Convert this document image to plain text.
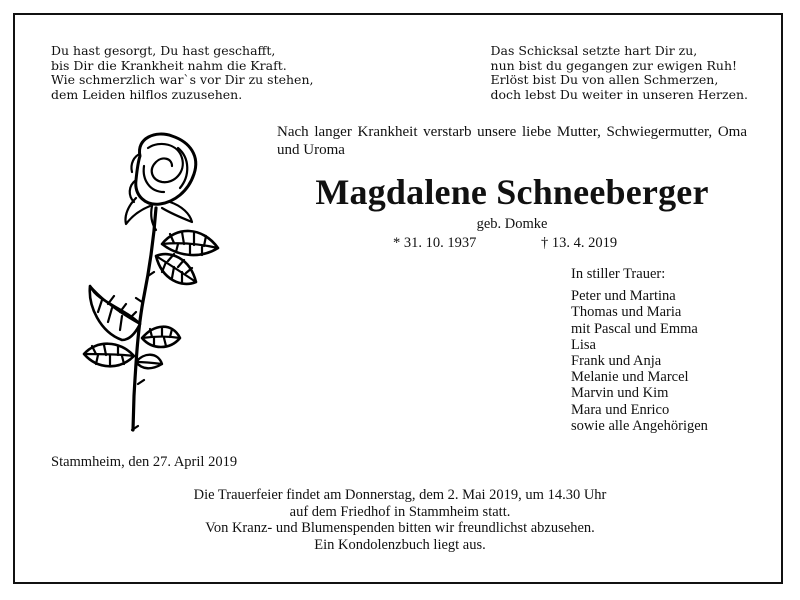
Du hast gesorgt, Du hast geschafft,
bis Dir die Krankheit nahm die Kraft.
Wie schmerzlich war`s vor Dir zu stehen,
dem Leiden hilflos zuzusehen.
Das Schicksal setzte hart Dir zu,
nun bist du gegangen zur ewigen Ruh!
Erlöst bist Du von allen Schmerzen,
doch lebst Du weiter in unseren Herzen.
Nach langer Krankheit verstarb unsere liebe Mutter, Schwiegermutter, Oma und Uroma
Magdalene Schneeberger
geb. Domke
* 31. 10. 1937	† 13. 4. 2019
In stiller Trauer:
Peter und Martina
Thomas und Maria
mit Pascal und Emma
Lisa
Frank und Anja
Melanie und Marcel
Marvin und Kim
Mara und Enrico
sowie alle Angehörigen
Stammheim, den 27. April 2019
Die Trauerfeier findet am Donnerstag, dem 2. Mai 2019, um 14.30 Uhr
auf dem Friedhof in Stammheim statt.
Von Kranz- und Blumenspenden bitten wir freundlichst abzusehen.
Ein Kondolenzbuch liegt aus.
